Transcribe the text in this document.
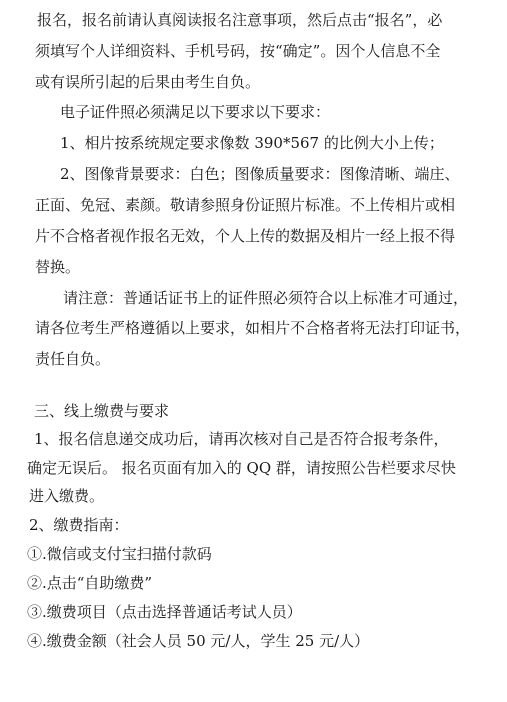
报名，报名前请认真阅读报名注意事项，然后点击“报名”，必
须填写个人详细资料、手机号码，按“确定”。因个人信息不全
或有误所引起的后果由考生自负。
电子证件照必须满足以下要求以下要求：
1、相片按系统规定要求像数 390*567 的比例大小上传；
2、图像背景要求：白色；图像质量要求：图像清晰、端庄、
正面、免冠、素颜。敬请参照身份证照片标准。不上传相片或相
片不合格者视作报名无效，个人上传的数据及相片一经上报不得
替换。
请注意：普通话证书上的证件照必须符合以上标准才可通过，
请各位考生严格遵循以上要求，如相片不合格者将无法打印证书，
责任自负。
三、线上缴费与要求
1、报名信息递交成功后，请再次核对自己是否符合报考条件，
确定无误后。 报名页面有加入的 QQ 群，请按照公告栏要求尽快
进入缴费。
2、缴费指南：
①.微信或支付宝扫描付款码
②.点击“自助缴费”
③.缴费项目（点击选择普通话考试人员）
④.缴费金额（社会人员 50 元/人，学生 25 元/人）
